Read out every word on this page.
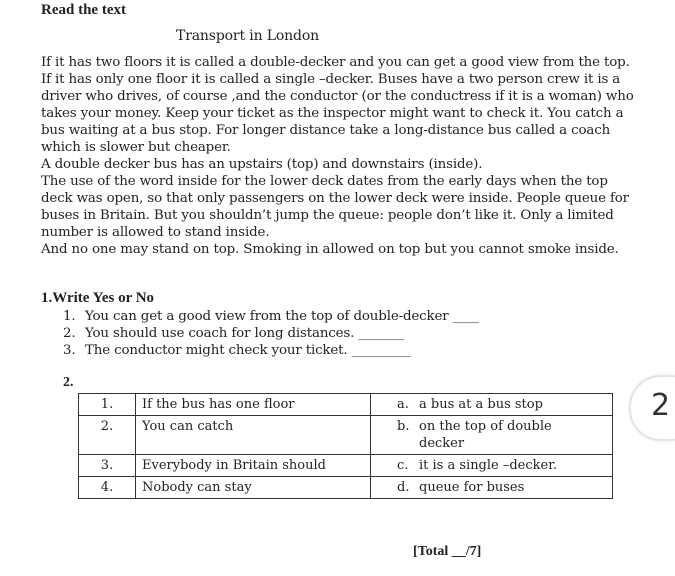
Read the text
Transport in London
If it has two floors it is called a double-decker and you can get a good view from the top.
If it has only one floor it is called a single –decker. Buses have a two person crew it is a
driver who drives, of course ,and the conductor (or the conductress if it is a woman) who
takes your money. Keep your ticket as the inspector might want to check it. You catch a
bus waiting at a bus stop. For longer distance take a long-distance bus called a coach
which is slower but cheaper.
A double decker bus has an upstairs (top) and downstairs (inside).
The use of the word inside for the lower deck dates from the early days when the top
deck was open, so that only passengers on the lower deck were inside. People queue for
buses in Britain. But you shouldn’t jump the queue: people don’t like it. Only a limited
number is allowed to stand inside.
And no one may stand on top. Smoking in allowed on top but you cannot smoke inside.
1.Write Yes or No
1. You can get a good view from the top of double-decker ____
2. You should use coach for long distances. _______
3. The conductor might check your ticket. _________
2.
1.	If the bus has one floor	a. a bus at a bus stop

2.	You can catch	b. on the top of double decker

3.	Everybody in Britain should	c. it is a single –decker.

4.	Nobody can stay	d. queue for buses
[Total __/7]
2
